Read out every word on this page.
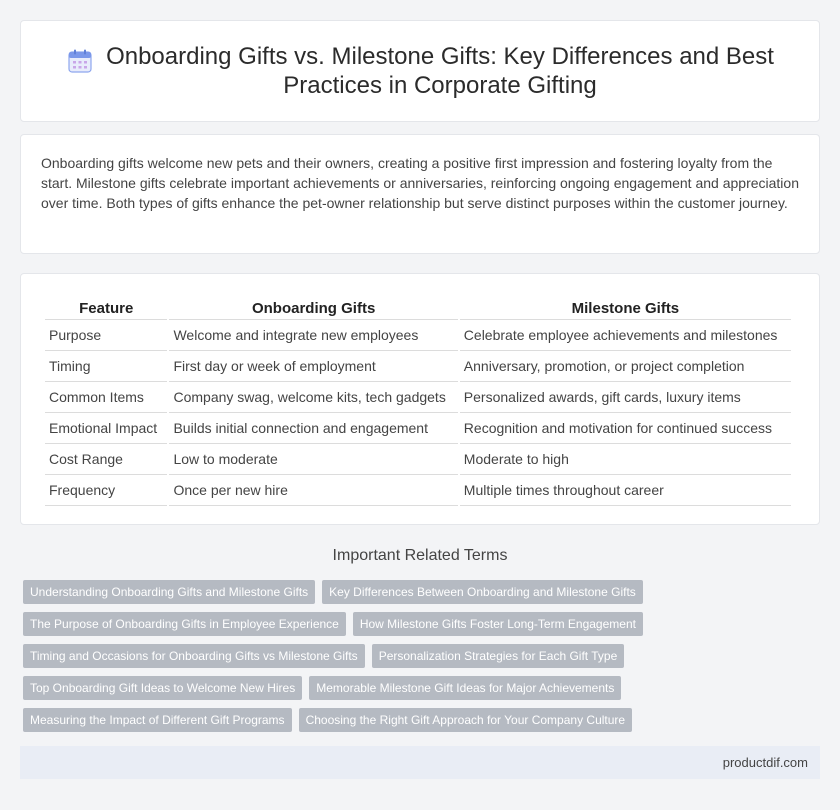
Onboarding Gifts vs. Milestone Gifts: Key Differences and Best Practices in Corporate Gifting

Onboarding gifts welcome new pets and their owners, creating a positive first impression and fostering loyalty from the start. Milestone gifts celebrate important achievements or anniversaries, reinforcing ongoing engagement and appreciation over time. Both types of gifts enhance the pet-owner relationship but serve distinct purposes within the customer journey.

Feature	Onboarding Gifts	Milestone Gifts
Purpose	Welcome and integrate new employees	Celebrate employee achievements and milestones
Timing	First day or week of employment	Anniversary, promotion, or project completion
Common Items	Company swag, welcome kits, tech gadgets	Personalized awards, gift cards, luxury items
Emotional Impact	Builds initial connection and engagement	Recognition and motivation for continued success
Cost Range	Low to moderate	Moderate to high
Frequency	Once per new hire	Multiple times throughout career
Important Related Terms
Understanding Onboarding Gifts and Milestone Gifts	Key Differences Between Onboarding and Milestone Gifts
The Purpose of Onboarding Gifts in Employee Experience	How Milestone Gifts Foster Long-Term Engagement
Timing and Occasions for Onboarding Gifts vs Milestone Gifts	Personalization Strategies for Each Gift Type
Top Onboarding Gift Ideas to Welcome New Hires	Memorable Milestone Gift Ideas for Major Achievements
Measuring the Impact of Different Gift Programs	Choosing the Right Gift Approach for Your Company Culture
productdif.com
